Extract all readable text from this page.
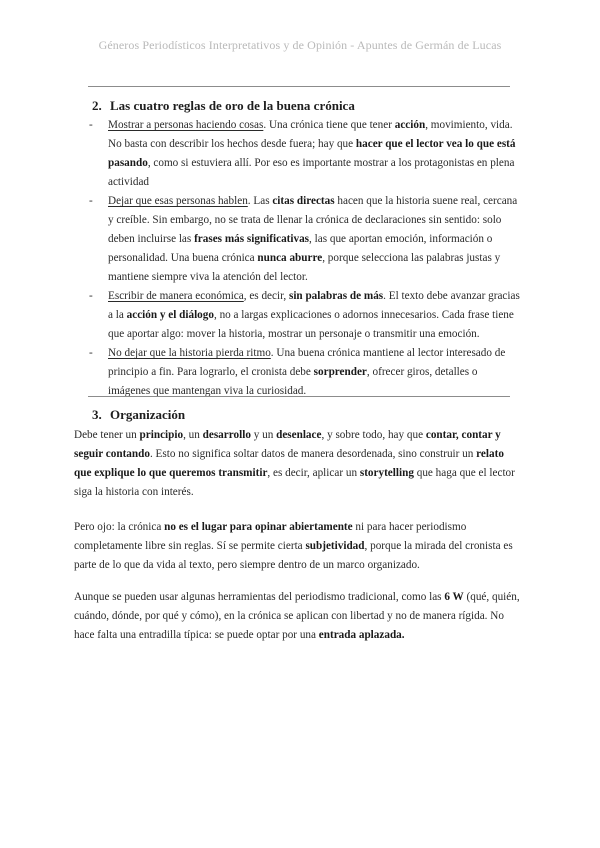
Géneros Periodísticos Interpretativos y de Opinión - Apuntes de Germán de Lucas
2. Las cuatro reglas de oro de la buena crónica
- Mostrar a personas haciendo cosas. Una crónica tiene que tener acción, movimiento, vida. No basta con describir los hechos desde fuera; hay que hacer que el lector vea lo que está pasando, como si estuviera allí. Por eso es importante mostrar a los protagonistas en plena actividad
- Dejar que esas personas hablen. Las citas directas hacen que la historia suene real, cercana y creíble. Sin embargo, no se trata de llenar la crónica de declaraciones sin sentido: solo deben incluirse las frases más significativas, las que aportan emoción, información o personalidad. Una buena crónica nunca aburre, porque selecciona las palabras justas y mantiene siempre viva la atención del lector.
- Escribir de manera económica, es decir, sin palabras de más. El texto debe avanzar gracias a la acción y el diálogo, no a largas explicaciones o adornos innecesarios. Cada frase tiene que aportar algo: mover la historia, mostrar un personaje o transmitir una emoción.
- No dejar que la historia pierda ritmo. Una buena crónica mantiene al lector interesado de principio a fin. Para lograrlo, el cronista debe sorprender, ofrecer giros, detalles o imágenes que mantengan viva la curiosidad.
3. Organización

Debe tener un principio, un desarrollo y un desenlace, y sobre todo, hay que contar, contar y seguir contando. Esto no significa soltar datos de manera desordenada, sino construir un relato que explique lo que queremos transmitir, es decir, aplicar un storytelling que haga que el lector siga la historia con interés.

Pero ojo: la crónica no es el lugar para opinar abiertamente ni para hacer periodismo completamente libre sin reglas. Sí se permite cierta subjetividad, porque la mirada del cronista es parte de lo que da vida al texto, pero siempre dentro de un marco organizado.

Aunque se pueden usar algunas herramientas del periodismo tradicional, como las 6 W (qué, quién, cuándo, dónde, por qué y cómo), en la crónica se aplican con libertad y no de manera rígida. No hace falta una entradilla típica: se puede optar por una entrada aplazada.
